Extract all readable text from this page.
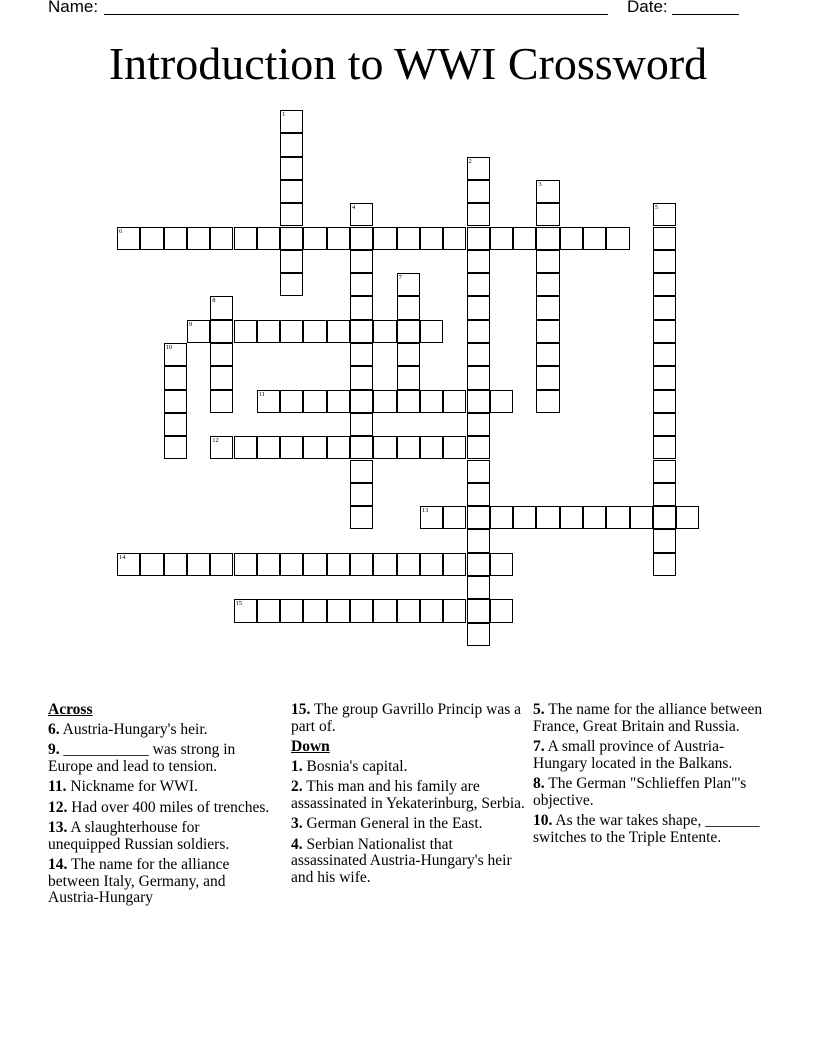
Name:	Date:
Introduction to WWI Crossword
1
2
3
4	5
6
7
8
9
10
11
12
13
14
15
Across
6. Austria-Hungary's heir.
9. ___________ was strong in Europe and lead to tension.
11. Nickname for WWI.
12. Had over 400 miles of trenches.
13. A slaughterhouse for unequipped Russian soldiers.
14. The name for the alliance between Italy, Germany, and Austria-Hungary
15. The group Gavrillo Princip was a part of.
Down
1. Bosnia's capital.
2. This man and his family are assassinated in Yekaterinburg, Serbia.
3. German General in the East.
4. Serbian Nationalist that assassinated Austria-Hungary's heir and his wife.
5. The name for the alliance between France, Great Britain and Russia.
7. A small province of Austria-Hungary located in the Balkans.
8. The German "Schlieffen Plan"'s objective.
10. As the war takes shape, _______ switches to the Triple Entente.
